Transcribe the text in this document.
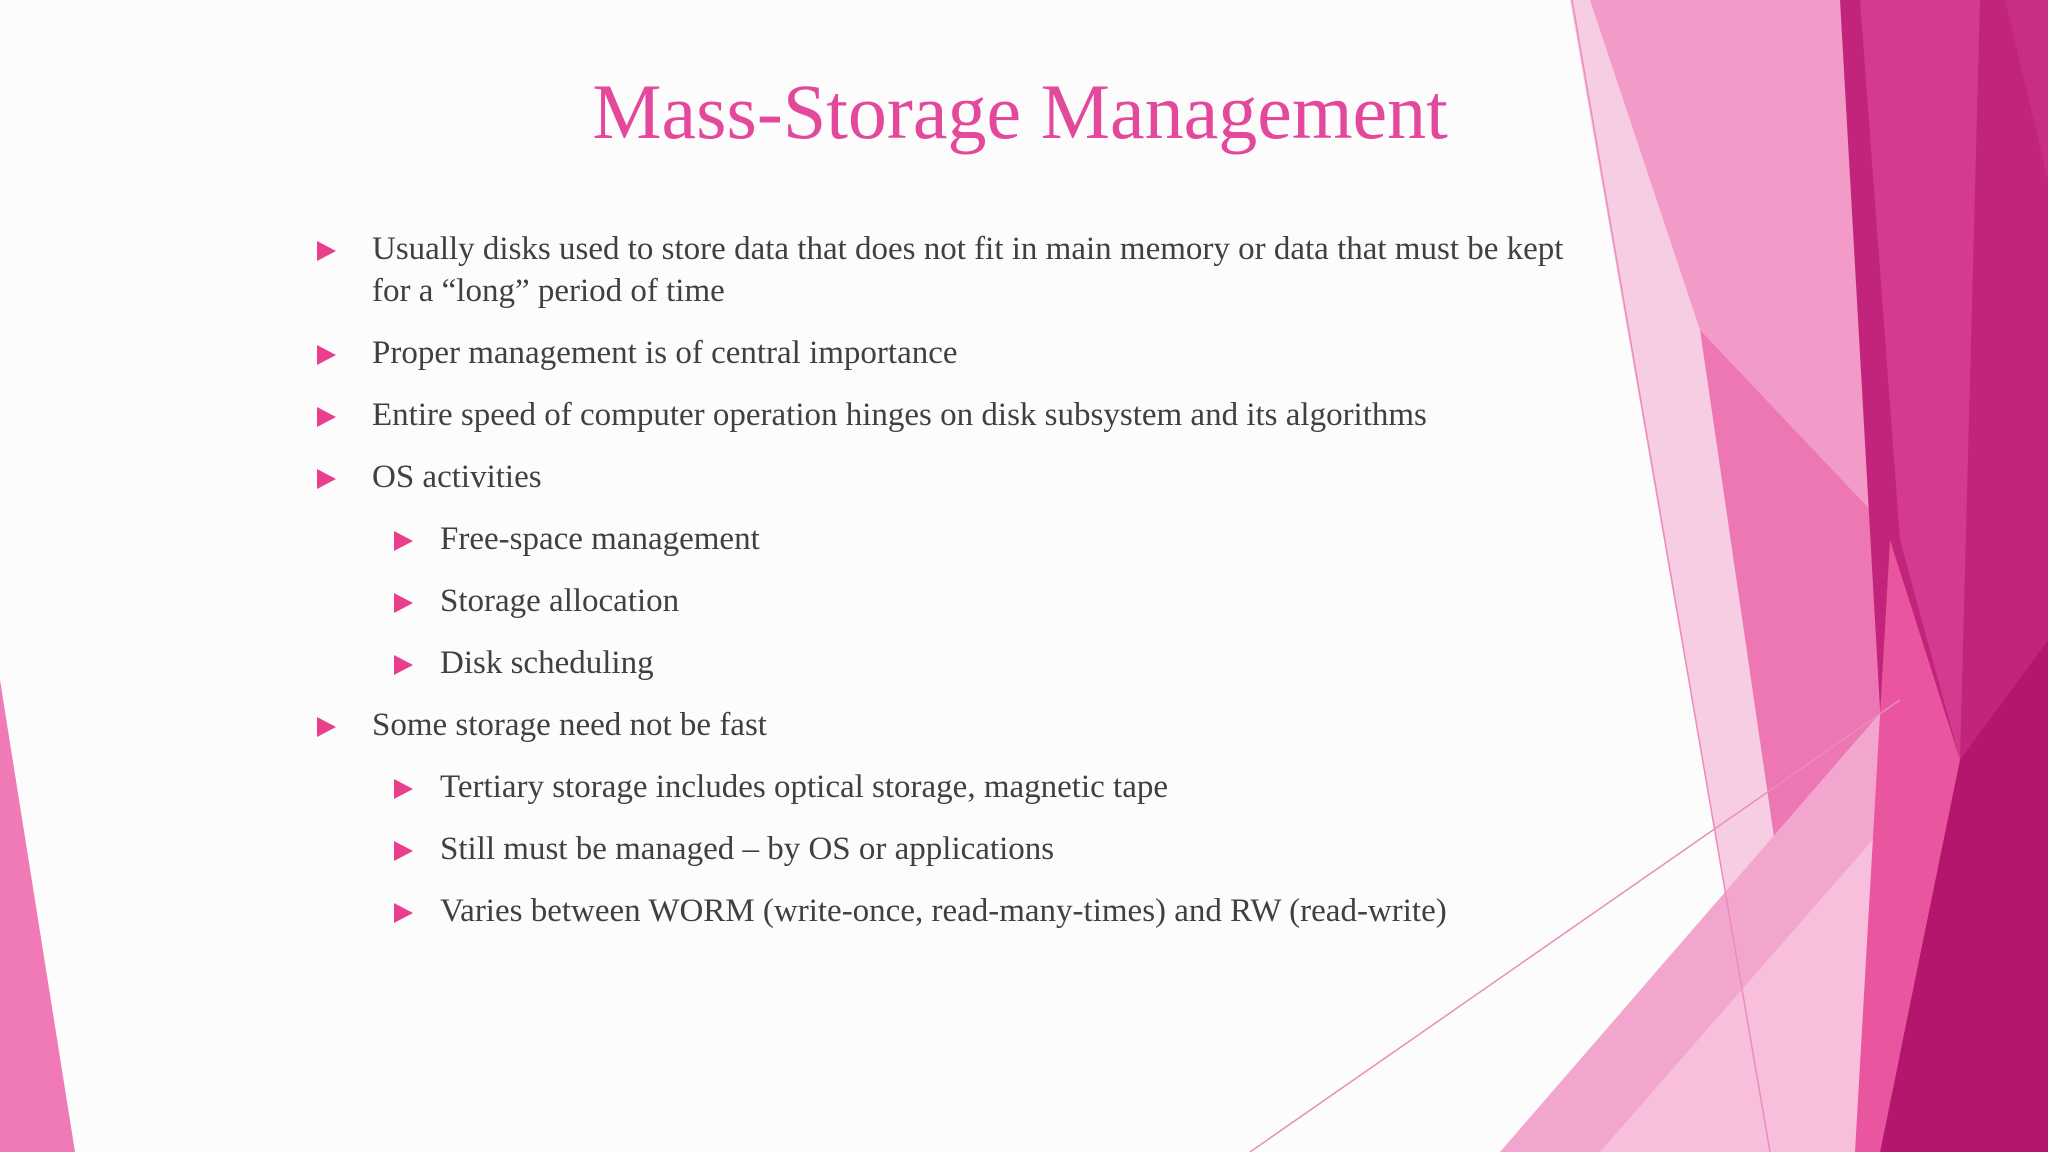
Mass-Storage Management
Usually disks used to store data that does not fit in main memory or data that must be kept for a “long” period of time
Proper management is of central importance
Entire speed of computer operation hinges on disk subsystem and its algorithms
OS activities
Free-space management
Storage allocation
Disk scheduling
Some storage need not be fast
Tertiary storage includes optical storage, magnetic tape
Still must be managed – by OS or applications
Varies between WORM (write-once, read-many-times) and RW (read-write)
